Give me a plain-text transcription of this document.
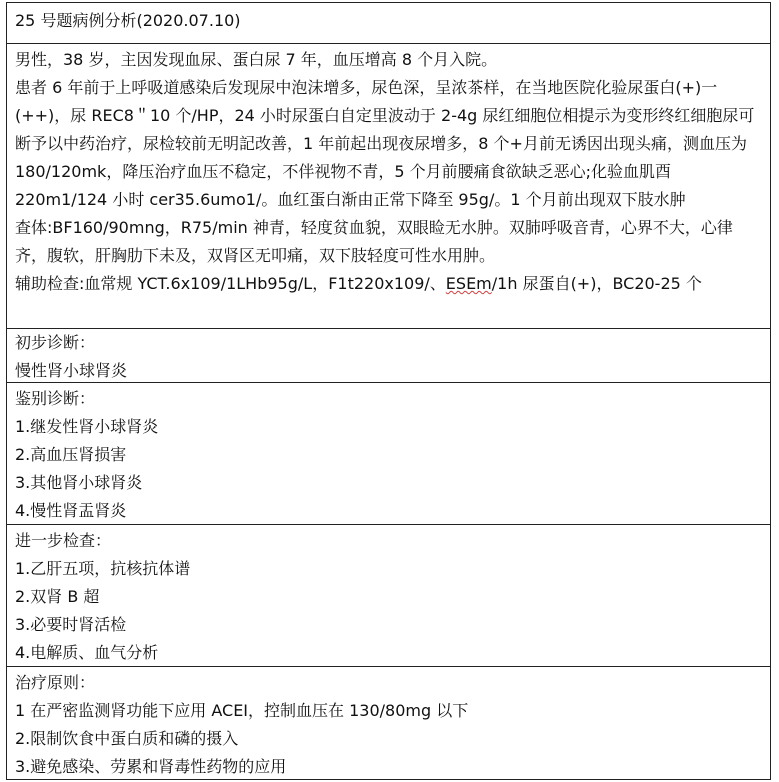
25 号题病例分析(2020.07.10)
男性，38 岁，主因发现血尿、蛋白尿 7 年，血压增高 8 个月入院。
患者 6 年前于上呼吸道感染后发现尿中泡沫增多，尿色深，呈浓茶样，在当地医院化验尿蛋白(+)一(++)，尿 REC8＂10 个/HP，24 小时尿蛋白自定里波动于 2-4g 尿红细胞位相提示为变形终红细胞尿可断予以中药治疗，尿检较前无明記改善，1 年前起出现夜尿增多，8 个+月前无诱因出现头痛，测血压为 180/120mk，降压治疗血压不稳定，不伴视物不青，5 个月前腰痛食欲缺乏恶心;化验血肌酉 220m1/124 小时 cer35.6umo1/。血红蛋白渐由正常下降至 95g/。1 个月前出现双下肢水肿
查体:BF160/90mng，R75/min 神青，轻度贫血貌，双眼睑无水肿。双肺呼吸音青，心界不大，心律齐，腹软，肝胸肋下未及，双肾区无叩痛，双下肢轻度可性水用肿。
辅助检查:血常规 YCT.6x109/1LHb95g/L，F1t220x109/、ESEm/1h 尿蛋自(+)，BC20-25 个
初步诊断：
慢性肾小球肾炎
鉴别诊断：
1.继发性肾小球肾炎
2.高血压肾损害
3.其他肾小球肾炎
4.慢性肾盂肾炎
进一步检查：
1.乙肝五项，抗核抗体谱
2.双肾 B 超
3.必要时肾活检
4.电解质、血气分析
治疗原则：
1 在严密监测肾功能下应用 ACEI，控制血压在 130/80mg 以下
2.限制饮食中蛋白质和磷的摄入
3.避免感染、劳累和肾毒性药物的应用
